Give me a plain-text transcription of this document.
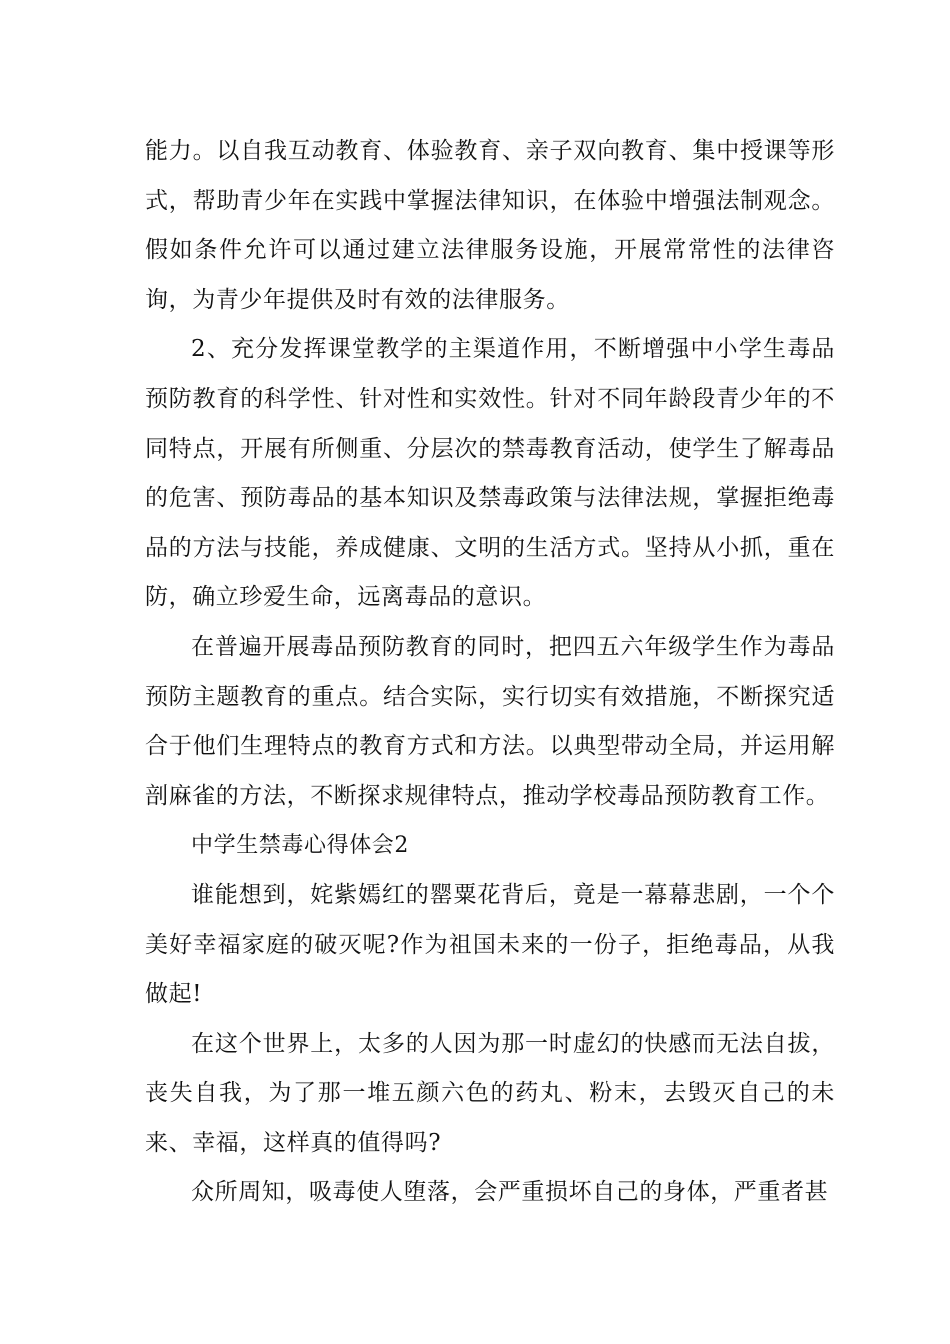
能力。以自我互动教育、体验教育、亲子双向教育、集中授课等形式，帮助青少年在实践中掌握法律知识，在体验中增强法制观念。假如条件允许可以通过建立法律服务设施，开展常常性的法律咨询，为青少年提供及时有效的法律服务。

2、充分发挥课堂教学的主渠道作用，不断增强中小学生毒品预防教育的科学性、针对性和实效性。针对不同年龄段青少年的不同特点，开展有所侧重、分层次的禁毒教育活动，使学生了解毒品的危害、预防毒品的基本知识及禁毒政策与法律法规，掌握拒绝毒品的方法与技能，养成健康、文明的生活方式。坚持从小抓，重在防，确立珍爱生命，远离毒品的意识。

在普遍开展毒品预防教育的同时，把四五六年级学生作为毒品预防主题教育的重点。结合实际，实行切实有效措施，不断探究适合于他们生理特点的教育方式和方法。以典型带动全局，并运用解剖麻雀的方法，不断探求规律特点，推动学校毒品预防教育工作。

中学生禁毒心得体会2

谁能想到，姹紫嫣红的罂粟花背后，竟是一幕幕悲剧，一个个美好幸福家庭的破灭呢?作为祖国未来的一份子，拒绝毒品，从我做起!

在这个世界上，太多的人因为那一时虚幻的快感而无法自拔，丧失自我，为了那一堆五颜六色的药丸、粉末，去毁灭自己的未来、幸福，这样真的值得吗?

众所周知，吸毒使人堕落，会严重损坏自己的身体，严重者甚
